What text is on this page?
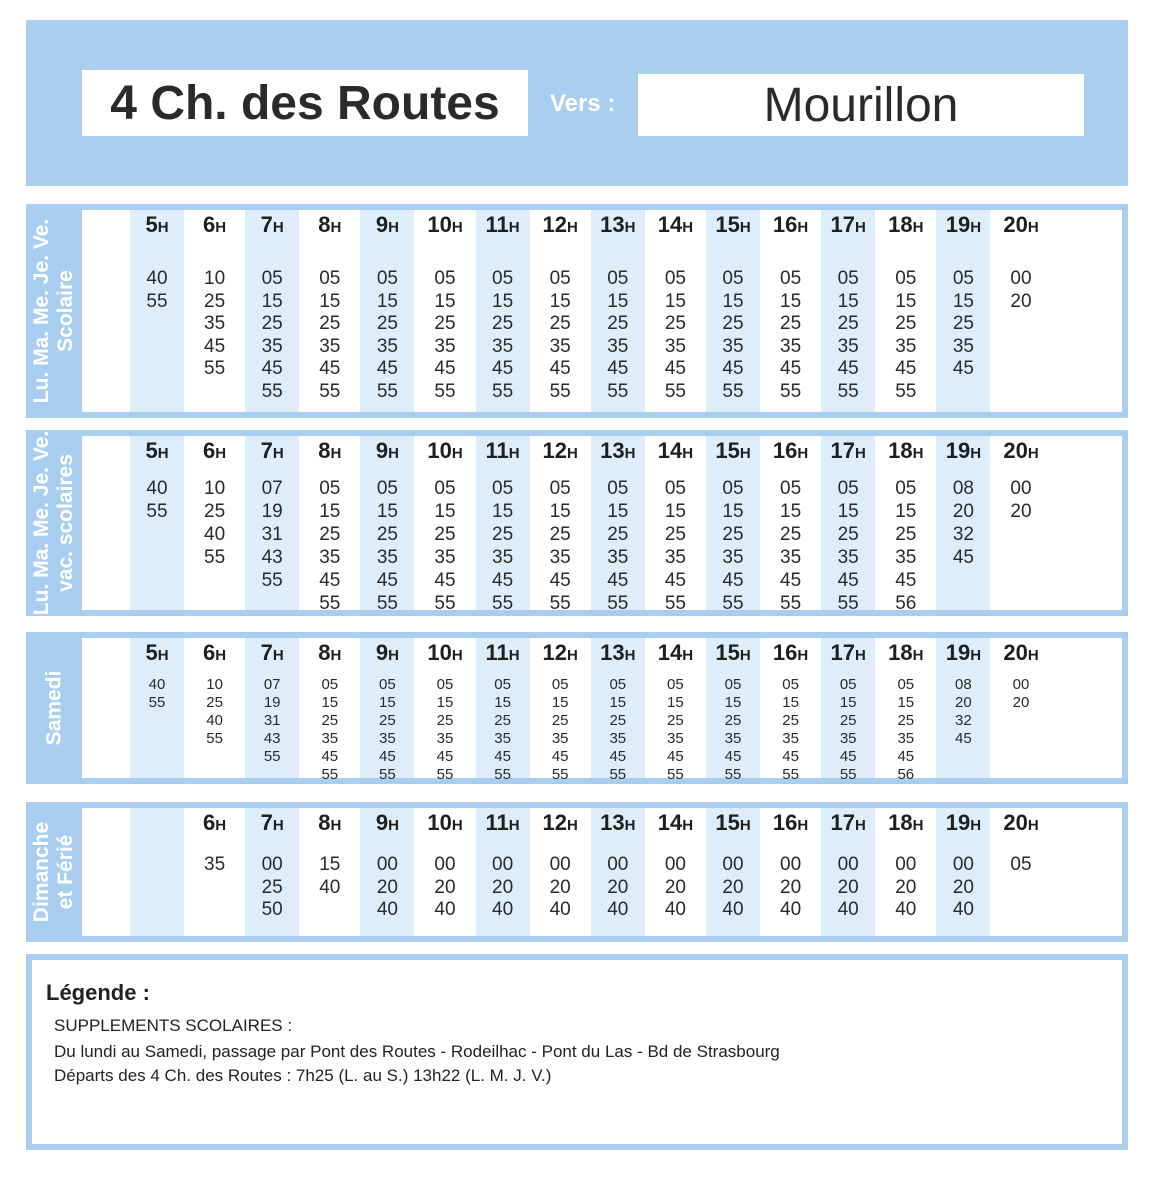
4 Ch. des Routes	Vers :	Mourillon
Lu. Ma. Me. Je. Ve. Scolaire
5H
40
55
6H
10
25
35
45
55
7H
05
15
25
35
45
55
8H
05
15
25
35
45
55
9H
05
15
25
35
45
55
10H
05
15
25
35
45
55
11H
05
15
25
35
45
55
12H
05
15
25
35
45
55
13H
05
15
25
35
45
55
14H
05
15
25
35
45
55
15H
05
15
25
35
45
55
16H
05
15
25
35
45
55
17H
05
15
25
35
45
55
18H
05
15
25
35
45
55
19H
05
15
25
35
45
20H
00
20
Lu. Ma. Me. Je. Ve. vac. scolaires
5H
40
55
6H
10
25
40
55
7H
07
19
31
43
55
8H
05
15
25
35
45
55
9H
05
15
25
35
45
55
10H
05
15
25
35
45
55
11H
05
15
25
35
45
55
12H
05
15
25
35
45
55
13H
05
15
25
35
45
55
14H
05
15
25
35
45
55
15H
05
15
25
35
45
55
16H
05
15
25
35
45
55
17H
05
15
25
35
45
55
18H
05
15
25
35
45
56
19H
08
20
32
45
20H
00
20
Samedi
5H
40
55
6H
10
25
40
55
7H
07
19
31
43
55
8H
05
15
25
35
45
55
9H
05
15
25
35
45
55
10H
05
15
25
35
45
55
11H
05
15
25
35
45
55
12H
05
15
25
35
45
55
13H
05
15
25
35
45
55
14H
05
15
25
35
45
55
15H
05
15
25
35
45
55
16H
05
15
25
35
45
55
17H
05
15
25
35
45
55
18H
05
15
25
35
45
56
19H
08
20
32
45
20H
00
20
Dimanche et Férié
6H
35
7H
00
25
50
8H
15
40
9H
00
20
40
10H
00
20
40
11H
00
20
40
12H
00
20
40
13H
00
20
40
14H
00
20
40
15H
00
20
40
16H
00
20
40
17H
00
20
40
18H
00
20
40
19H
00
20
40
20H
05
Légende :
SUPPLEMENTS SCOLAIRES :
Du lundi au Samedi, passage par Pont des Routes - Rodeilhac - Pont du Las - Bd de Strasbourg
Départs des 4 Ch. des Routes : 7h25 (L. au S.) 13h22 (L. M. J. V.)
